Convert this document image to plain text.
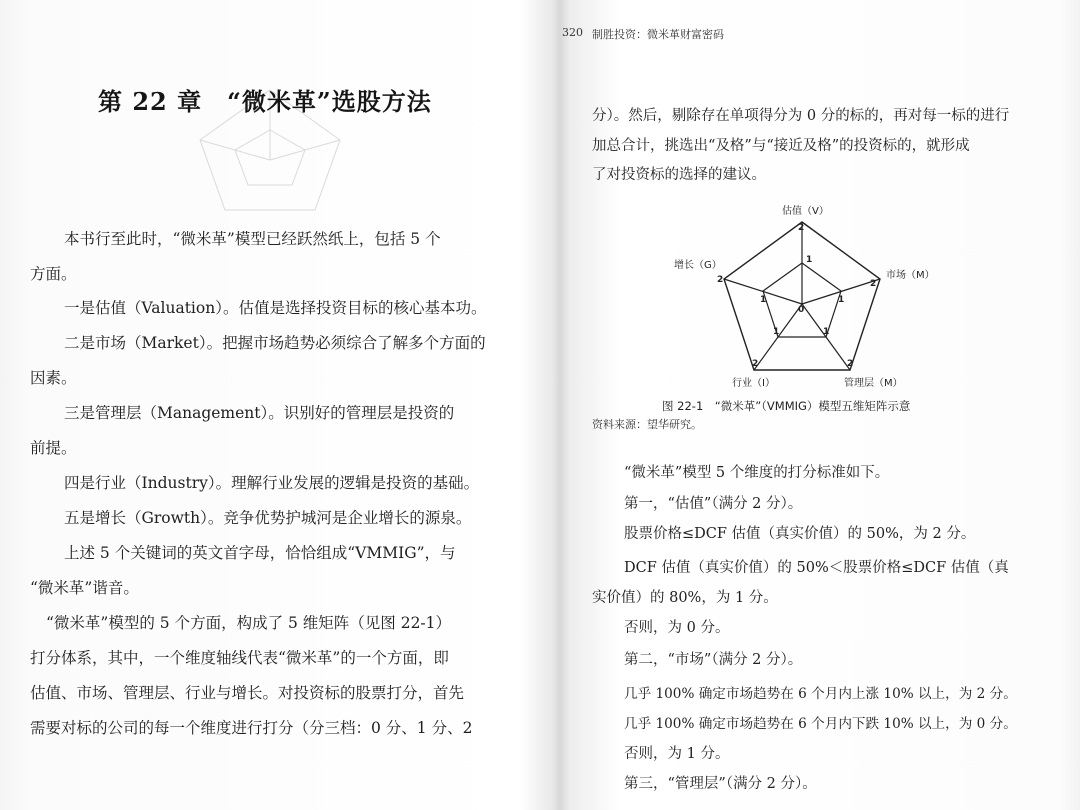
第 22 章　“微米革”选股方法
本书行至此时，“微米革”模型已经跃然纸上，包括 5 个
方面。
一是估值（Valuation）。估值是选择投资目标的核心基本功。
二是市场（Market）。把握市场趋势必须综合了解多个方面的
因素。
三是管理层（Management）。识别好的管理层是投资的
前提。
四是行业（Industry）。理解行业发展的逻辑是投资的基础。
五是增长（Growth）。竞争优势护城河是企业增长的源泉。
上述 5 个关键词的英文首字母，恰恰组成“VMMIG”，与
“微米革”谐音。
“微米革”模型的 5 个方面，构成了 5 维矩阵（见图 22-1）
打分体系，其中，一个维度轴线代表“微米革”的一个方面，即
估值、市场、管理层、行业与增长。对投资标的股票打分，首先
需要对标的公司的每一个维度进行打分（分三档：0 分、1 分、2
320 制胜投资：微米革财富密码
分）。然后，剔除存在单项得分为 0 分的标的，再对每一标的进行
加总合计，挑选出“及格”与“接近及格”的投资标的，就形成
了对投资标的选择的建议。
估值（V）
市场（M）
管理层（M）
行业（I）
增长（G）
2
2
2
2
2
1
1
1
1
1
0
图 22-1　“微米革”（VMMIG）模型五维矩阵示意
资料来源：望华研究。
“微米革”模型 5 个维度的打分标准如下。
第一，“估值”（满分 2 分）。
股票价格≤DCF 估值（真实价值）的 50%，为 2 分。
DCF 估值（真实价值）的 50%＜股票价格≤DCF 估值（真
实价值）的 80%，为 1 分。
否则，为 0 分。
第二，“市场”（满分 2 分）。
几乎 100% 确定市场趋势在 6 个月内上涨 10% 以上，为 2 分。
几乎 100% 确定市场趋势在 6 个月内下跌 10% 以上，为 0 分。
否则，为 1 分。
第三，“管理层”（满分 2 分）。
